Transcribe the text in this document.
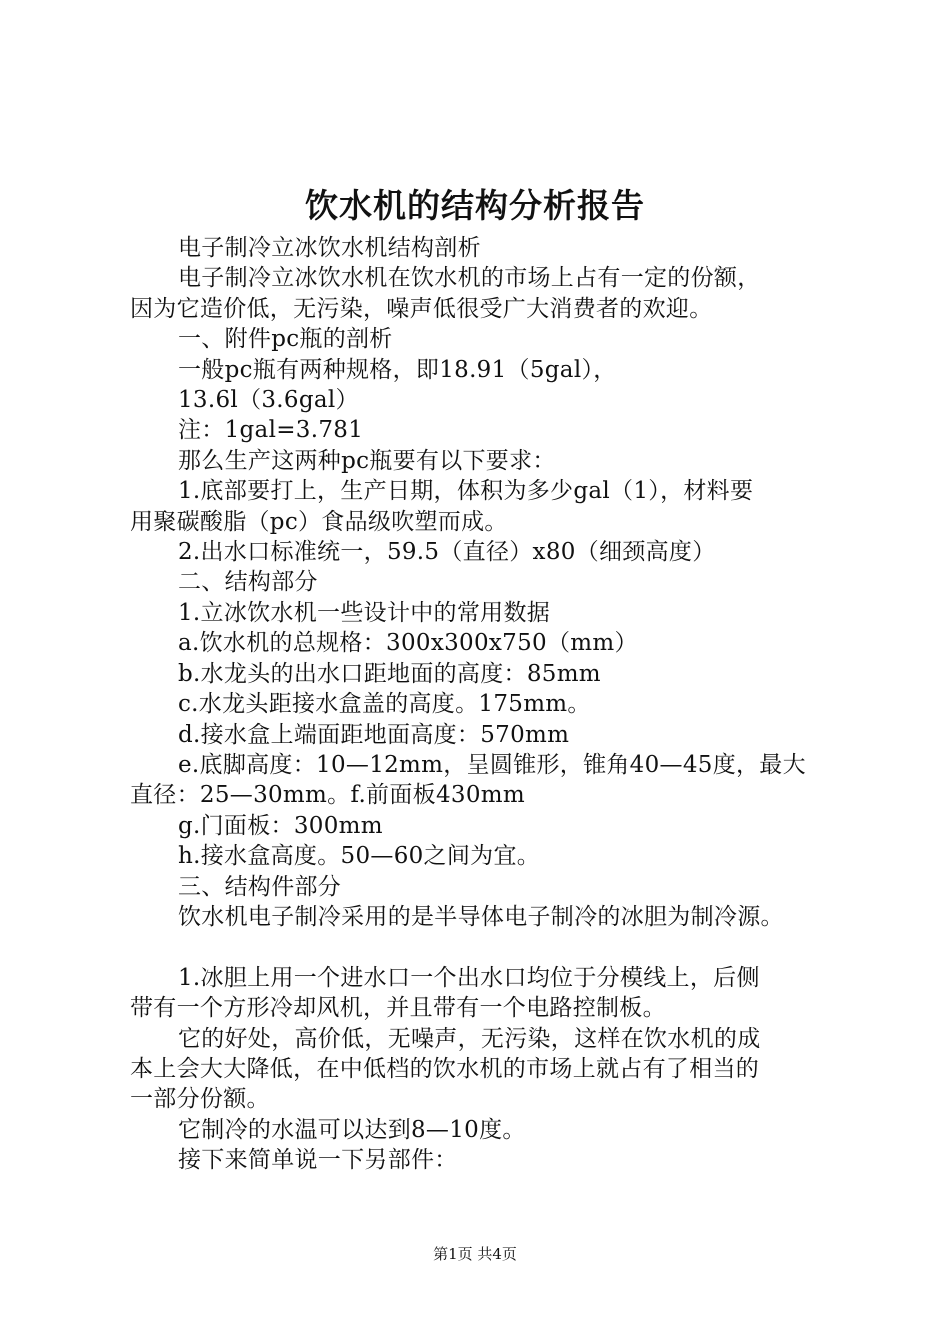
饮水机的结构分析报告

电子制冷立冰饮水机结构剖析

电子制冷立冰饮水机在饮水机的市场上占有一定的份额，

因为它造价低，无污染，噪声低很受广大消费者的欢迎。

一、附件pc瓶的剖析

一般pc瓶有两种规格，即18.91（5gal），

13.6l（3.6gal）

注：1gal=3.781

那么生产这两种pc瓶要有以下要求：

1.底部要打上，生产日期，体积为多少gal（1），材料要

用聚碳酸脂（pc）食品级吹塑而成。

2.出水口标准统一，59.5（直径）x80（细颈高度）

二、结构部分

1.立冰饮水机一些设计中的常用数据

a.饮水机的总规格：300x300x750（mm）

b.水龙头的出水口距地面的高度：85mm

c.水龙头距接水盒盖的高度。175mm。

d.接水盒上端面距地面高度：570mm

e.底脚高度：10—12mm，呈圆锥形，锥角40—45度，最大

直径：25—30mm。f.前面板430mm

g.门面板：300mm

h.接水盒高度。50—60之间为宜。

三、结构件部分

饮水机电子制冷采用的是半导体电子制冷的冰胆为制冷源。

1.冰胆上用一个进水口一个出水口均位于分模线上，后侧

带有一个方形冷却风机，并且带有一个电路控制板。

它的好处，高价低，无噪声，无污染，这样在饮水机的成

本上会大大降低，在中低档的饮水机的市场上就占有了相当的

一部分份额。

它制冷的水温可以达到8—10度。

接下来简单说一下另部件：

第1页 共4页
